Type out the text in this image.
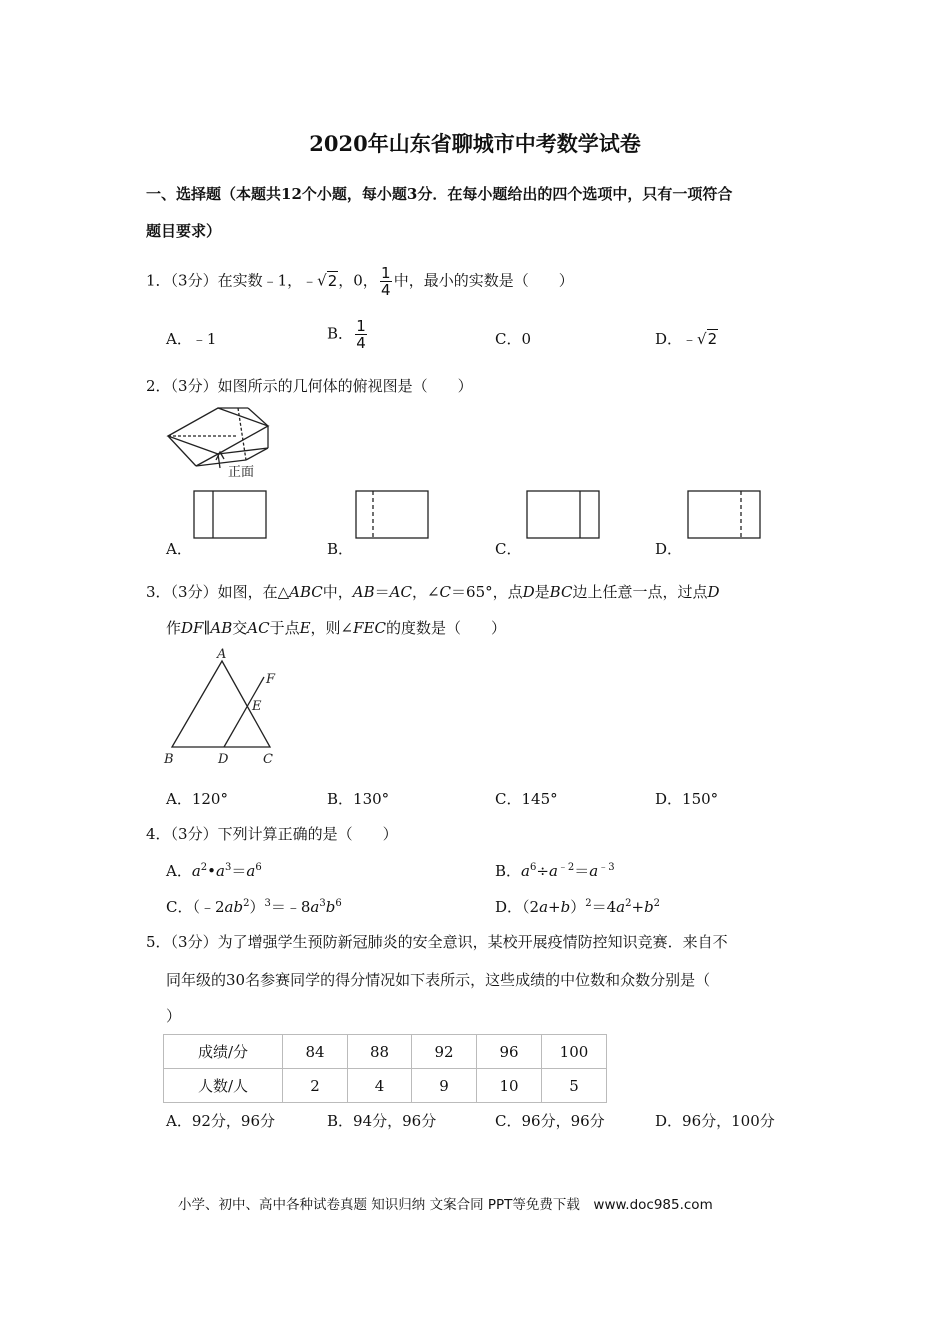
2020年山东省聊城市中考数学试卷
一、选择题（本题共12个小题，每小题3分．在每小题给出的四个选项中，只有一项符合
题目要求）
1．（3分）在实数﹣1，﹣√2，0， $\frac{1}{4}$ 中，最小的实数是（　　）
A．﹣1	B． $\frac{1}{4}$	C．0	D．﹣√2
2．（3分）如图所示的几何体的俯视图是（　　）
正面
A．	B．	C．	D．
3．（3分）如图，在△ABC中，AB＝AC，∠C＝65°，点D是BC边上任意一点，过点D
作DF∥AB交AC于点E，则∠FEC的度数是（　　）
A
B	C
D
E
F
A．120°	B．130°	C．145°	D．150°
4．（3分）下列计算正确的是（　　）
A．$a^2•a^3=a^6$	B．$a^6\div a^{﹣2}=a^{﹣3}$
C．$(﹣2ab^2)^3=﹣8a^3b^6$	D．$(2a+b)^2=4a^2+b^2$
5．（3分）为了增强学生预防新冠肺炎的安全意识，某校开展疫情防控知识竞赛．来自不
同年级的30名参赛同学的得分情况如下表所示，这些成绩的中位数和众数分别是（
）
成绩/分	84	88	92	96	100
人数/人	2	4	9	10	5
A．92分，96分	B．94分，96分	C．96分，96分	D．96分，100分
小学、初中、高中各种试卷真题 知识归纳 文案合同 PPT等免费下载　www.doc985.com
